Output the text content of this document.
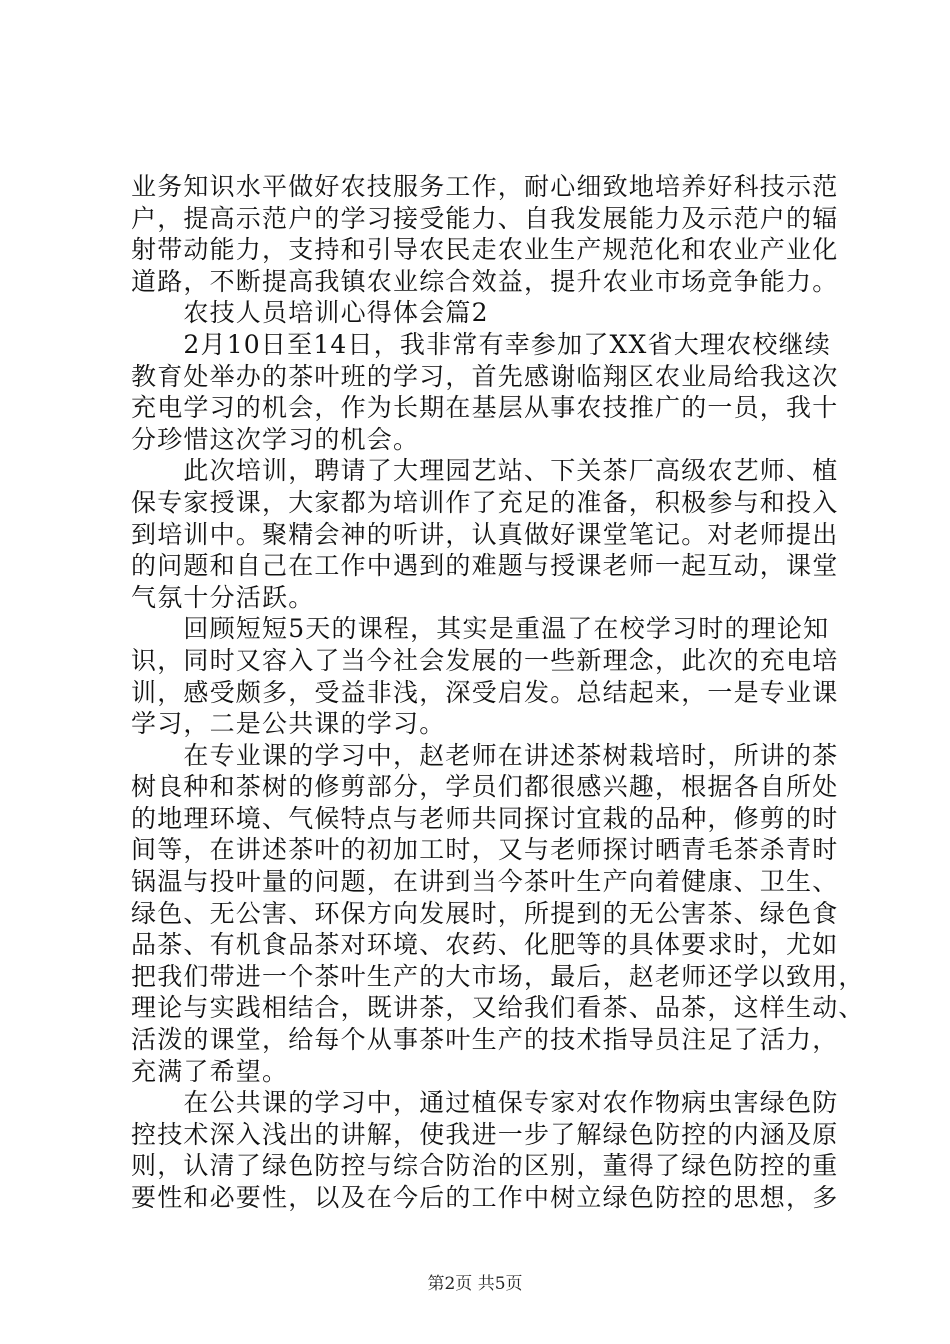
业务知识水平做好农技服务工作，耐心细致地培养好科技示范
户，提高示范户的学习接受能力、自我发展能力及示范户的辐
射带动能力，支持和引导农民走农业生产规范化和农业产业化
道路，不断提高我镇农业综合效益，提升农业市场竞争能力。
　　农技人员培训心得体会篇2
　　2月10日至14日，我非常有幸参加了XX省大理农校继续
教育处举办的茶叶班的学习，首先感谢临翔区农业局给我这次
充电学习的机会，作为长期在基层从事农技推广的一员，我十
分珍惜这次学习的机会。
　　此次培训，聘请了大理园艺站、下关茶厂高级农艺师、植
保专家授课，大家都为培训作了充足的准备，积极参与和投入
到培训中。聚精会神的听讲，认真做好课堂笔记。对老师提出
的问题和自己在工作中遇到的难题与授课老师一起互动，课堂
气氛十分活跃。
　　回顾短短5天的课程，其实是重温了在校学习时的理论知
识，同时又容入了当今社会发展的一些新理念，此次的充电培
训，感受颇多，受益非浅，深受启发。总结起来，一是专业课
学习，二是公共课的学习。
　　在专业课的学习中，赵老师在讲述茶树栽培时，所讲的茶
树良种和茶树的修剪部分，学员们都很感兴趣，根据各自所处
的地理环境、气候特点与老师共同探讨宜栽的品种，修剪的时
间等，在讲述茶叶的初加工时，又与老师探讨晒青毛茶杀青时
锅温与投叶量的问题，在讲到当今茶叶生产向着健康、卫生、
绿色、无公害、环保方向发展时，所提到的无公害茶、绿色食
品茶、有机食品茶对环境、农药、化肥等的具体要求时，尤如
把我们带进一个茶叶生产的大市场，最后，赵老师还学以致用，
理论与实践相结合，既讲茶，又给我们看茶、品茶，这样生动、
活泼的课堂，给每个从事茶叶生产的技术指导员注足了活力，
充满了希望。
　　在公共课的学习中，通过植保专家对农作物病虫害绿色防
控技术深入浅出的讲解，使我进一步了解绿色防控的内涵及原
则，认清了绿色防控与综合防治的区别，董得了绿色防控的重
要性和必要性，以及在今后的工作中树立绿色防控的思想，多
第2页 共5页
